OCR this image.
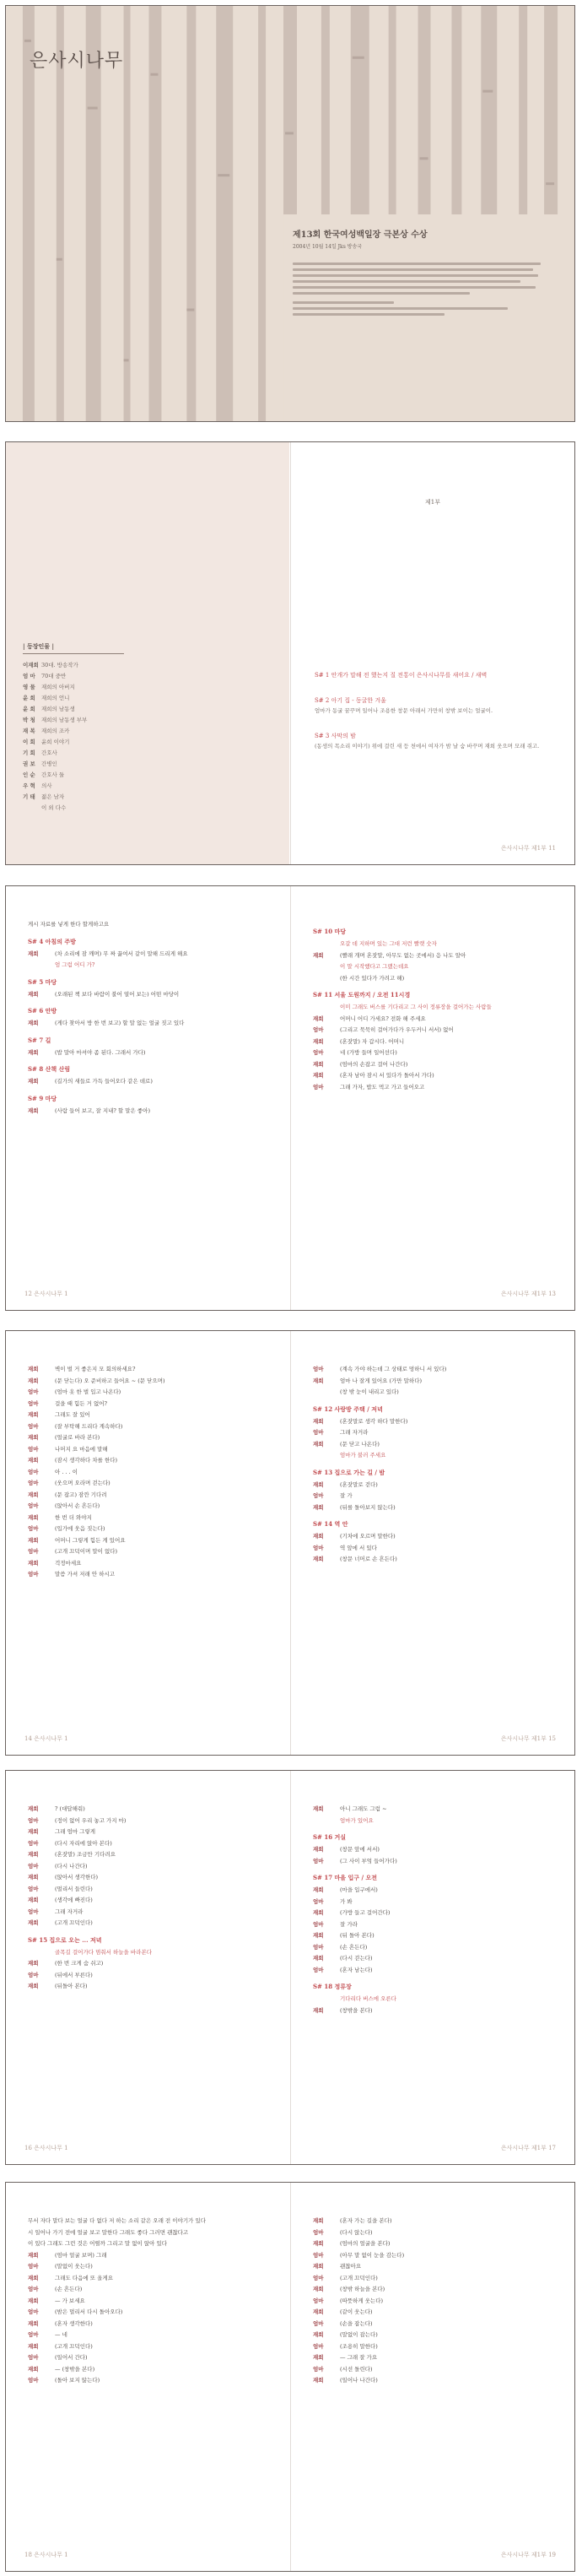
은사시나무
제13회 한국여성백일장 극본상 수상
2004년 10월 14일 Jks 방송국
| 등장인물 |
이재희 30대. 방송작가
엄 마	70대 중반
영 물	재희의 아버지
윤 희	재희의 언니
윤 희	재희의 남동생
박 청	재희의 남동생 부부
재 복	재희의 조카
이 회	윤희 이야기
기 회	간호사
권 보	간병인
인 순	간호사 둘
우 혁	의사
기 태	젊은 남자
이 외 다수
제1부
S# 1 안개가 말해 전 했는지 질 전통이 은사시나무를 새어요 / 새벽
S# 2 아기 집 - 동굴한 겨울
엄마가 동굴 꿈꾸며 일어나 조용한 창문 아래서 가만히 창밖 보이는 얼굴이.
S# 3 사막의 밤
(동생의 목소리 이야기) 위에 걸린 새 등 천에서 여자가 밤 날 숨 바꾸며 재희 웃으며 모래 쥐고.
은사시나무 제1부 11
게시 자료를 넣게 한다 할게하고요
S# 4 아침의 주방
재희	(차 소리에 잠 깨며) 무 짜 끓여서 같이 말해 드리게 해요
엄 그럼 어디 가?
S# 5 마당
재희	(오래된 책 보다 바람이 불어 열어 보는) 어떤 마당이
S# 6 안방
재희	(게다 찾아서 방 한 번 보고) 할 말 없는 얼굴 짓고 있다
S# 7 길
재희	(밥 말아 마셔야 좀 된다. 그래서 가다)
S# 8 산책 산림
재희	(길가의 새들로 가득 들어오다 같은 데로)
S# 9 마당
재희	(사람 들어 보고, 잘 지내? 할 말은 좋아)
12 은사시나무 1
S# 10 마당
오갈 데 지하며 있는 그대 저런 빨랫 숫자
재희	(빨래 개며 혼잣말, 아무도 없는 곳에서) 응 나도 알아
이 말 시작했다고 그랬는데요
(한 시간 있다가 가려고 해)
S# 11 서울 도원까지 / 오전 11시경
이미 그래도 버스를 기다리고 그 사이 정류장을 걸어가는 사람들
재희	어머니 어디 가세요? 전화 해 주세요
엄마	(그리고 묵묵히 걸어가다가 우두커니 서서) 없어
재희	(혼잣말) 자 갑시다. 어머니
엄마	네 (가방 들며 일어선다)
재희	(엄마의 손잡고 걸어 나간다)
재희	(혼자 남아 잠시 서 있다가 돌아서 가다)
엄마	그래 가자, 밥도 먹고 가고 들어오고
은사시나무 제1부 13
재희	벽이 벌 거 좋은지 모 회의하세요?
재희	(문 닫는다) 오 준비하고 들어요 ~ (문 닫으며)
엄마	(엄마 옷 한 벌 입고 나온다)
엄마	걸을 때 힘든 거 없어?
재희	그래도 잘 있어
엄마	(잘 부탁해 드리다 계속하다)
재희	(얼굴로 바라 본다)
엄마	나머지 요 마음에 말해
재희	(잠시 생각하다 차를 한다)
엄마	아 . . . 이
엄마	(웃으며 오라며 걷는다)
재희	(문 잡고) 잠깐 기다려
엄마	(앉아서 손 흔든다)
재희	한 번 더 와야지
엄마	(입가에 웃음 짓는다)
재희	어머니 그렇게 힘든 게 있어요
엄마	(고개 끄덕이며 말이 없다)
재희	걱정마세요
엄마	말씀 가셔 저래 안 하시고
14 은사시나무 1
엄마	(계속 가야 하는데 그 상태로 멍하니 서 있다)
재희	엄마 나 잘게 있어요 (가만 말하다)
(창 밖 눈이 내리고 있다)
S# 12 사랑방 주택 / 저녁
재희	(혼잣말로 생각 하다 말한다)
엄마	그래 자거라
재희	(문 닫고 나온다)
엄마가 불러 주세요
S# 13 집으로 가는 길 / 밤
재희	(혼잣말로 걷다)
엄마	잘 가
재희	(뒤를 돌아보지 않는다)
S# 14 역 안
재희	(기차에 오르며 말한다)
엄마	역 앞에 서 있다
재희	(창문 너머로 손 흔든다)
은사시나무 제1부 15
재희	? (대답해줘)
엄마	(정이 없어 우리 놓고 가지 마)
재희	그래 엄마 그렇게
엄마	(다시 자리에 앉아 본다)
재희	(혼잣말) 조금만 기다려요
엄마	(다시 나간다)
재희	(앉아서 생각한다)
엄마	(멀리서 들린다)
재희	(생각에 빠진다)
엄마	그래 자거라
재희	(고개 끄덕인다)
S# 15 집으로 오는 ... 저녁
골목길 걸어가다 멈춰서 하늘을 바라본다
재희	(한 번 크게 숨 쉬고)
엄마	(뒤에서 부른다)
재희	(뒤돌아 본다)
16 은사시나무 1
재희	아니 그래도 그럼 ~
엄마가 있어요
S# 16 거실
재희	(창문 앞에 서서)
엄마	(그 사이 부엌 들어가다)
S# 17 마을 입구 / 오전
재희	(마을 입구에서)
엄마	가 봐
재희	(가방 들고 걸어간다)
엄마	잘 가라
재희	(뒤 돌아 본다)
엄마	(손 흔든다)
재희	(다시 걷는다)
엄마	(혼자 남는다)
S# 18 정류장
기다리다 버스에 오른다
재희	(창밖을 본다)
은사시나무 제1부 17
무서 자다 말다 보는 얼굴 다 없다 저 하는 소리 같은 오래 전 이야기가 있다
시 일어나 가기 전에 얼굴 보고 말한다 그래도 좋다 그러면 괜찮다고
이 있다 그래도 그런 것은 어떨까 그리고 말 없이 앉아 있다
재희	(엄마 얼굴 보며) 그래
엄마	(말없이 웃는다)
재희	그래도 다음에 또 올게요
엄마	(손 흔든다)
재희	— 가 보세요
엄마	(밤은 멀리서 다시 돌아오다)
재희	(혼자 생각한다)
엄마	— 네
재희	(고개 끄덕인다)
엄마	(일어서 간다)
재희	— (창밖을 본다)
엄마	(돌아 보지 않는다)
18 은사시나무 1
재희	(혼자 가는 길을 본다)
엄마	(다시 앉는다)
재희	(엄마의 얼굴을 본다)
엄마	(아무 말 없이 눈을 감는다)
재희	괜찮아요
엄마	(고개 끄덕인다)
재희	(창밖 하늘을 본다)
엄마	(따뜻하게 웃는다)
재희	(같이 웃는다)
엄마	(손을 잡는다)
재희	(말없이 잡는다)
엄마	(조용히 말한다)
재희	— 그래 잘 가요
엄마	(시선 돌린다)
재희	(일어나 나간다)
은사시나무 제1부 19
